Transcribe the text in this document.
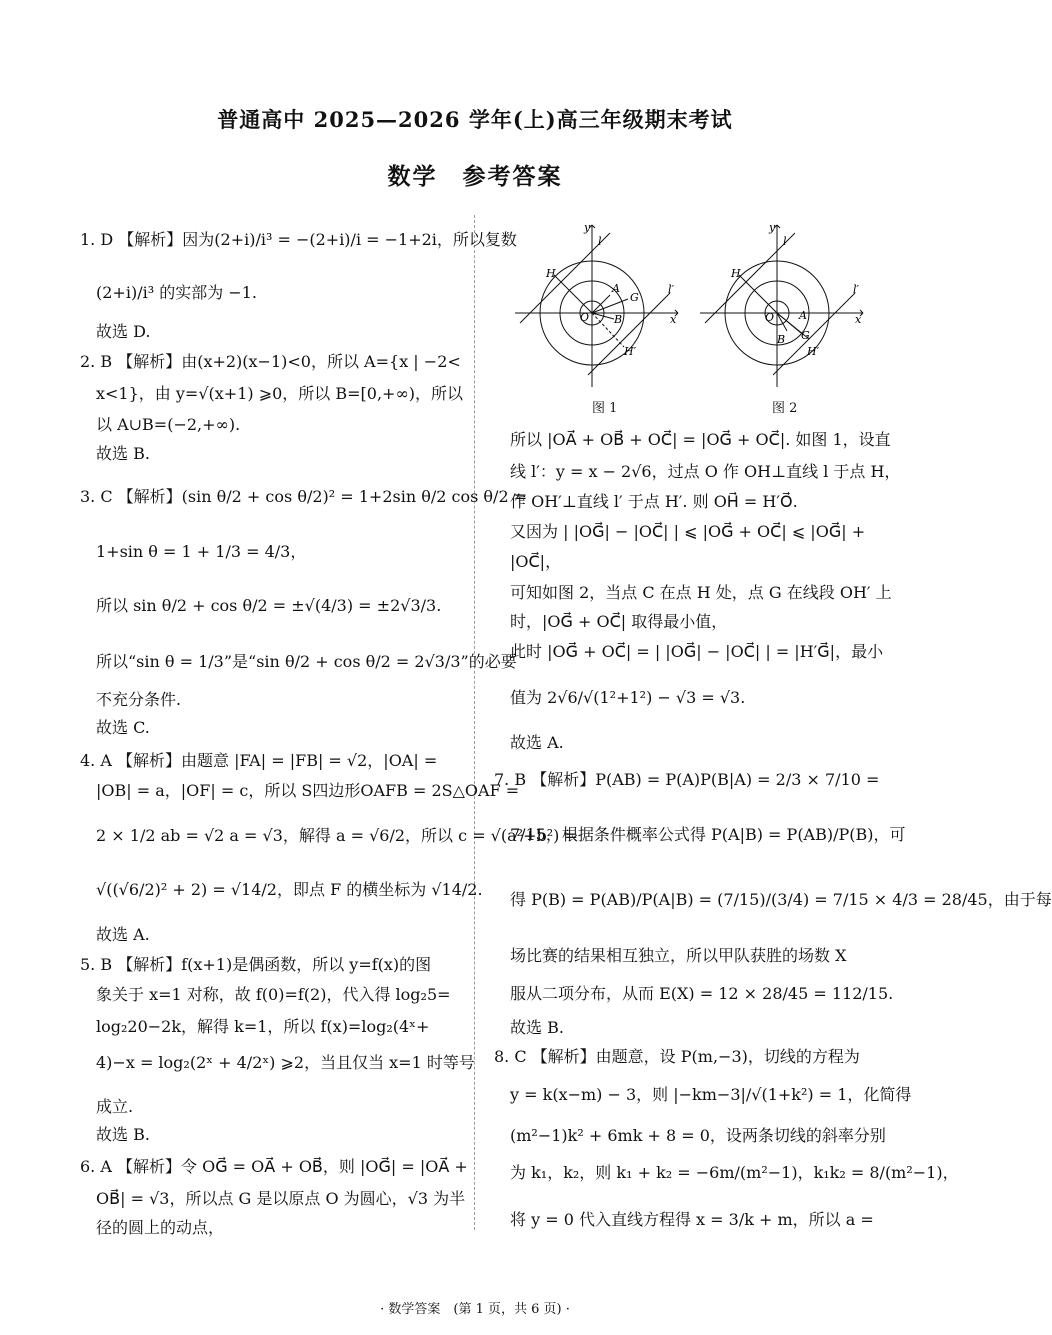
普通高中 2025—2026 学年(上)高三年级期末考试
数学　参考答案
1. D 【解析】因为(2+i)/i³ = −(2+i)/i = −1+2i，所以复数
(2+i)/i³ 的实部为 −1.
故选 D.
2. B 【解析】由(x+2)(x−1)<0，所以 A={x | −2<
x<1}，由 y=√(x+1) ⩾0，所以 B=[0,+∞)，所以
以 A∪B=(−2,+∞).
故选 B.
3. C 【解析】(sin θ/2 + cos θ/2)² = 1+2sin θ/2 cos θ/2 =
1+sin θ = 1 + 1/3 = 4/3，
所以 sin θ/2 + cos θ/2 = ±√(4/3) = ±2√3/3.
所以“sin θ = 1/3”是“sin θ/2 + cos θ/2 = 2√3/3”的必要
不充分条件.
故选 C.
4. A 【解析】由题意 |FA| = |FB| = √2，|OA| =
|OB| = a，|OF| = c，所以 S四边形OAFB = 2S△OAF =
2 × 1/2 ab = √2 a = √3，解得 a = √6/2，所以 c = √(a²+b²) =
√((√6/2)² + 2) = √14/2，即点 F 的横坐标为 √14/2.
故选 A.
5. B 【解析】f(x+1)是偶函数，所以 y=f(x)的图
象关于 x=1 对称，故 f(0)=f(2)，代入得 log₂5=
log₂20−2k，解得 k=1，所以 f(x)=log₂(4ˣ+
4)−x = log₂(2ˣ + 4/2ˣ) ⩾2，当且仅当 x=1 时等号
成立.
故选 B.
6. A 【解析】令 OG⃗ = OA⃗ + OB⃗，则 |OG⃗| = |OA⃗ +
OB⃗| = √3，所以点 G 是以原点 O 为圆心，√3 为半
径的圆上的动点，
所以 |OA⃗ + OB⃗ + OC⃗| = |OG⃗ + OC⃗|. 如图 1，设直
线 l′：y = x − 2√6，过点 O 作 OH⊥直线 l 于点 H，
作 OH′⊥直线 l′ 于点 H′. 则 OH⃗ = H′O⃗.
又因为 | |OG⃗| − |OC⃗| | ⩽ |OG⃗ + OC⃗| ⩽ |OG⃗| +
|OC⃗|，
可知如图 2，当点 C 在点 H 处，点 G 在线段 OH′ 上
时，|OG⃗ + OC⃗| 取得最小值，
此时 |OG⃗ + OC⃗| = | |OG⃗| − |OC⃗| | = |H′G⃗|，最小
值为 2√6/√(1²+1²) − √3 = √3.
故选 A.
7. B 【解析】P(AB) = P(A)P(B|A) = 2/3 × 7/10 =
7/15，根据条件概率公式得 P(A|B) = P(AB)/P(B)，可
得 P(B) = P(AB)/P(A|B) = (7/15)/(3/4) = 7/15 × 4/3 = 28/45，由于每
场比赛的结果相互独立，所以甲队获胜的场数 X
服从二项分布，从而 E(X) = 12 × 28/45 = 112/15.
故选 B.
8. C 【解析】由题意，设 P(m,−3)，切线的方程为
y = k(x−m) − 3，则 |−km−3|/√(1+k²) = 1，化简得
(m²−1)k² + 6mk + 8 = 0，设两条切线的斜率分别
为 k₁，k₂，则 k₁ + k₂ = −6m/(m²−1)，k₁k₂ = 8/(m²−1)，
将 y = 0 代入直线方程得 x = 3/k + m，所以 a =
y
l
l′
x
H
A
G
B
O
H′
y
l
l′
x
H
A
G
B
O
H′
图 1	图 2
· 数学答案　(第 1 页，共 6 页) ·
